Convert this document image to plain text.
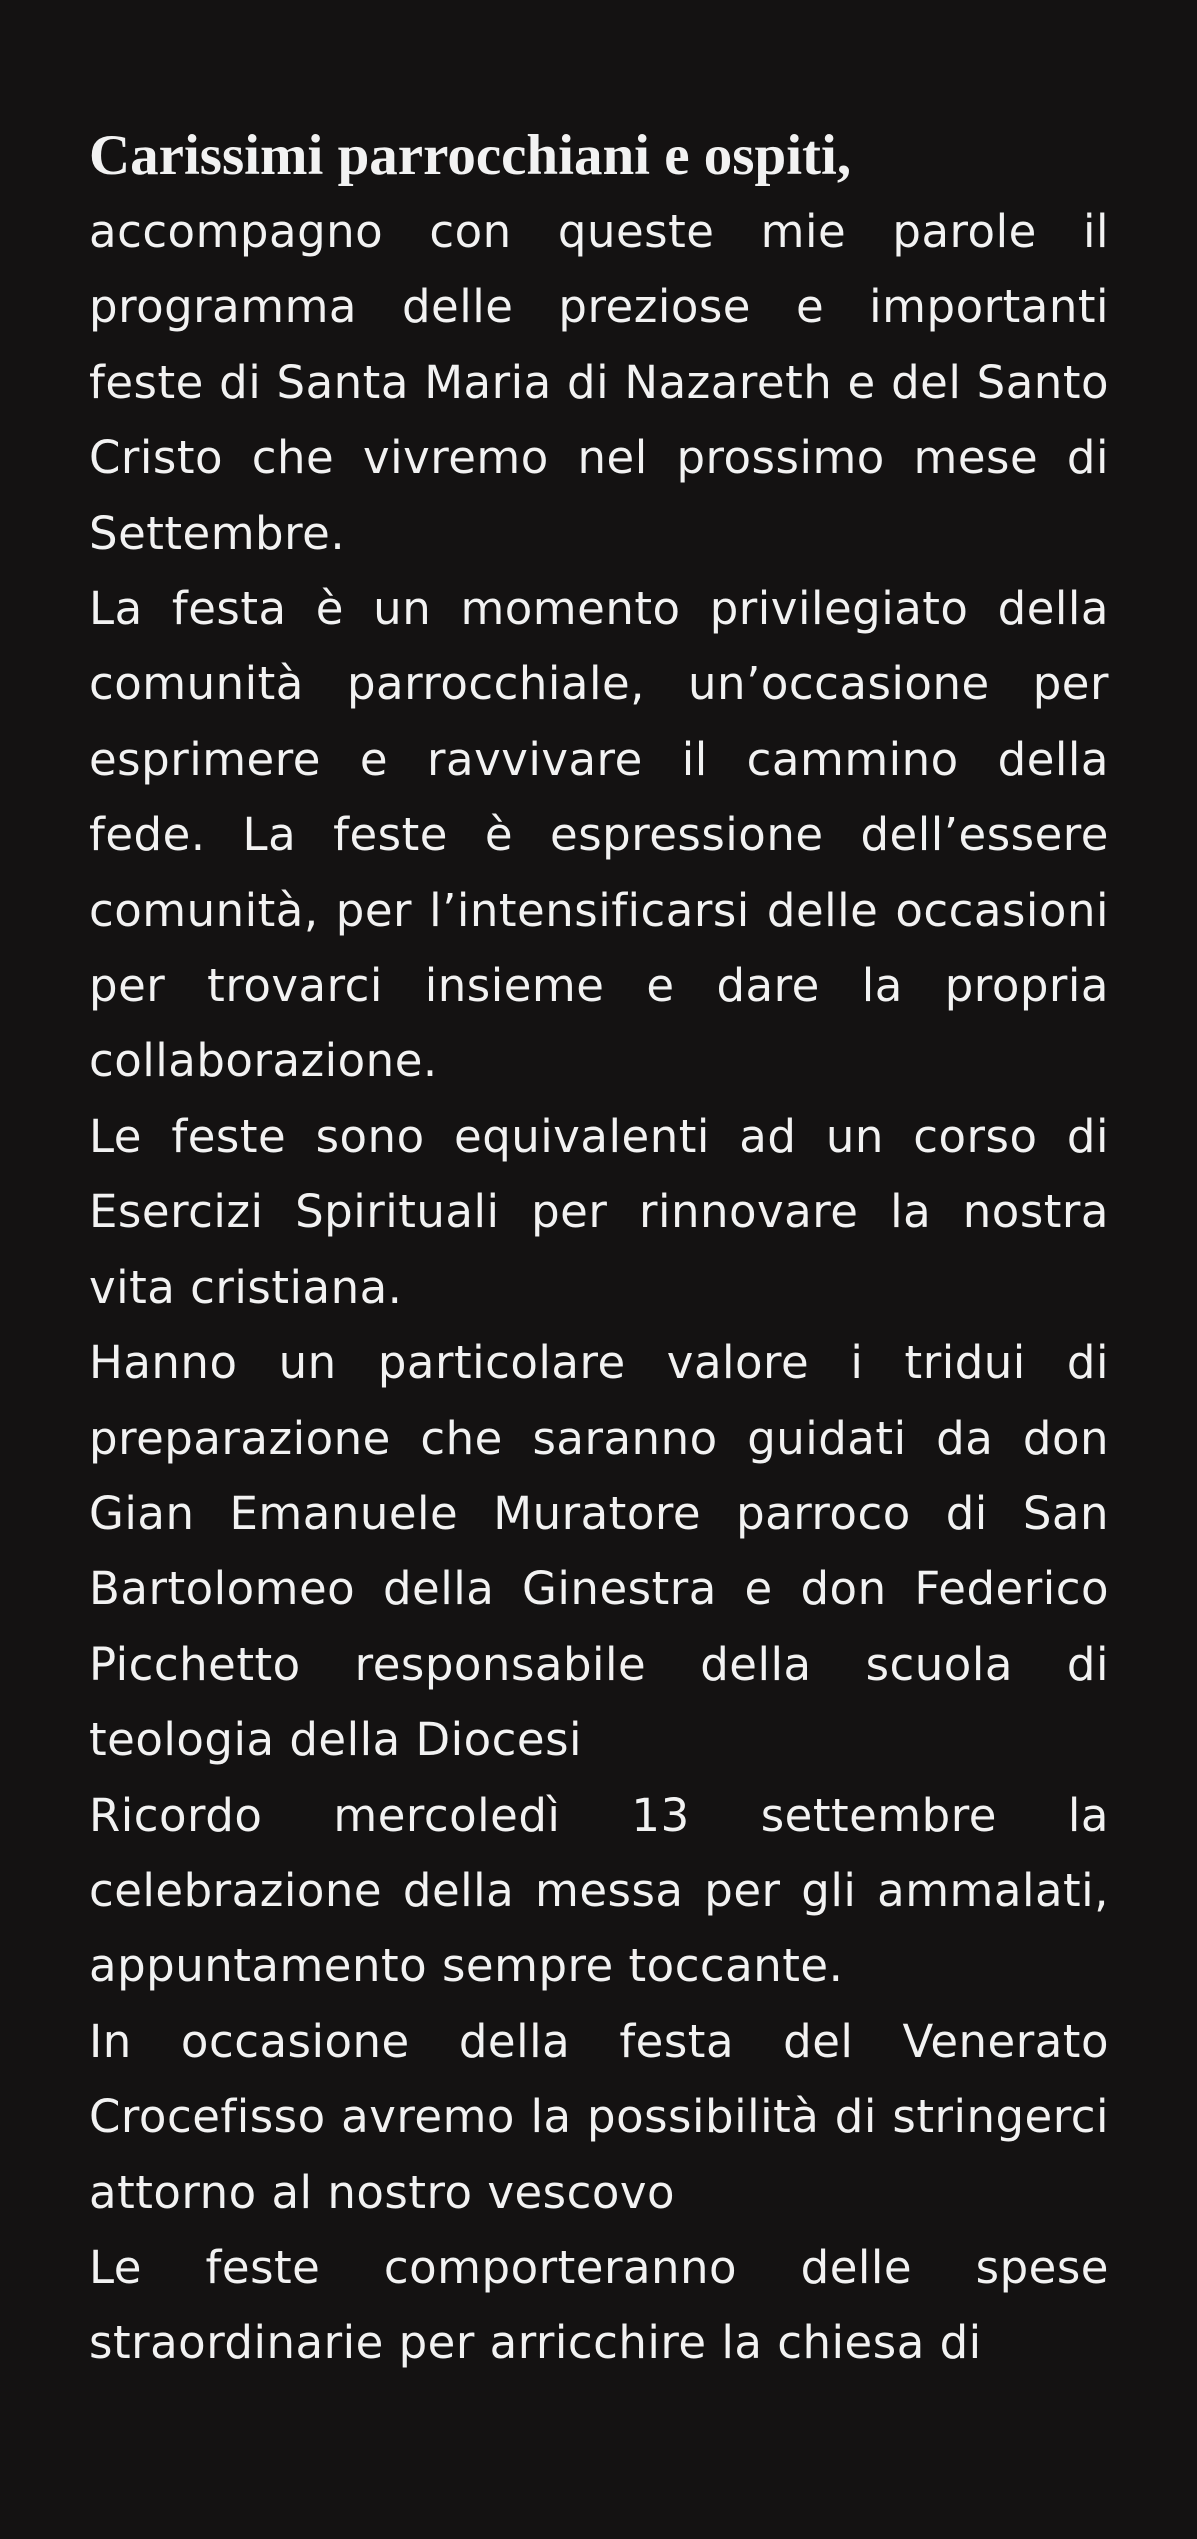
Carissimi parrocchiani e ospiti,

accompagno con queste mie parole il programma delle preziose e importanti feste di Santa Maria di Nazareth e del Santo Cristo che vivremo nel prossimo mese di Settembre.

La festa è un momento privilegiato della comunità parrocchiale, un’occasione per esprimere e ravvivare il cammino della fede. La feste è espressione dell’essere comunità, per l’intensificarsi delle occasioni per trovarci insieme e dare la propria collaborazione.

Le feste sono equivalenti ad un corso di Esercizi Spirituali per rinnovare la nostra vita cristiana.

Hanno un particolare valore i tridui di preparazione che saranno guidati da don Gian Emanuele Muratore parroco di San Bartolomeo della Ginestra e don Federico Picchetto responsabile della scuola di teologia della Diocesi

Ricordo mercoledì 13 settembre la celebrazione della messa per gli ammalati, appuntamento sempre toccante.

In occasione della festa del Venerato Crocefisso avremo la possibilità di stringerci attorno al nostro vescovo

Le feste comporteranno delle spese straordinarie per arricchire la chiesa di
